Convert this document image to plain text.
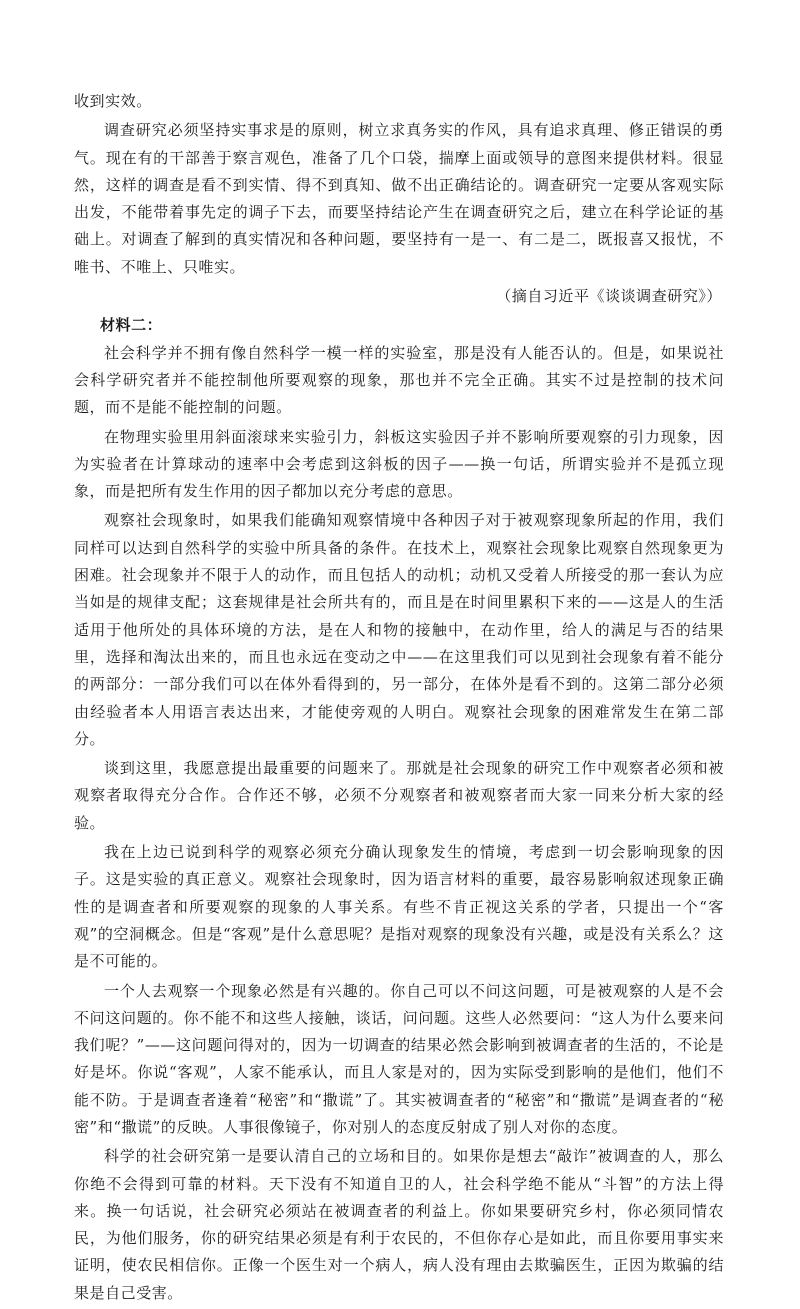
收到实效。

调查研究必须坚持实事求是的原则，树立求真务实的作风，具有追求真理、修正错误的勇气。现在有的干部善于察言观色，准备了几个口袋，揣摩上面或领导的意图来提供材料。很显然，这样的调查是看不到实情、得不到真知、做不出正确结论的。调查研究一定要从客观实际出发，不能带着事先定的调子下去，而要坚持结论产生在调查研究之后，建立在科学论证的基础上。对调查了解到的真实情况和各种问题，要坚持有一是一、有二是二，既报喜又报忧，不唯书、不唯上、只唯实。

（摘自习近平《谈谈调查研究》）

材料二：

社会科学并不拥有像自然科学一模一样的实验室，那是没有人能否认的。但是，如果说社会科学研究者并不能控制他所要观察的现象，那也并不完全正确。其实不过是控制的技术问题，而不是能不能控制的问题。

在物理实验里用斜面滚球来实验引力，斜板这实验因子并不影响所要观察的引力现象，因为实验者在计算球动的速率中会考虑到这斜板的因子——换一句话，所谓实验并不是孤立现象，而是把所有发生作用的因子都加以充分考虑的意思。

观察社会现象时，如果我们能确知观察情境中各种因子对于被观察现象所起的作用，我们同样可以达到自然科学的实验中所具备的条件。在技术上，观察社会现象比观察自然现象更为困难。社会现象并不限于人的动作，而且包括人的动机；动机又受着人所接受的那一套认为应当如是的规律支配；这套规律是社会所共有的，而且是在时间里累积下来的——这是人的生活适用于他所处的具体环境的方法，是在人和物的接触中，在动作里，给人的满足与否的结果里，选择和淘汰出来的，而且也永远在变动之中——在这里我们可以见到社会现象有着不能分的两部分：一部分我们可以在体外看得到的，另一部分，在体外是看不到的。这第二部分必须由经验者本人用语言表达出来，才能使旁观的人明白。观察社会现象的困难常发生在第二部分。

谈到这里，我愿意提出最重要的问题来了。那就是社会现象的研究工作中观察者必须和被观察者取得充分合作。合作还不够，必须不分观察者和被观察者而大家一同来分析大家的经验。

我在上边已说到科学的观察必须充分确认现象发生的情境，考虑到一切会影响现象的因子。这是实验的真正意义。观察社会现象时，因为语言材料的重要，最容易影响叙述现象正确性的是调查者和所要观察的现象的人事关系。有些不肯正视这关系的学者，只提出一个“客观”的空洞概念。但是“客观”是什么意思呢？是指对观察的现象没有兴趣，或是没有关系么？这是不可能的。

一个人去观察一个现象必然是有兴趣的。你自己可以不问这问题，可是被观察的人是不会不问这问题的。你不能不和这些人接触，谈话，问问题。这些人必然要问：“这人为什么要来问我们呢？”——这问题问得对的，因为一切调查的结果必然会影响到被调查者的生活的，不论是好是坏。你说“客观”，人家不能承认，而且人家是对的，因为实际受到影响的是他们，他们不能不防。于是调查者逢着“秘密”和“撒谎”了。其实被调查者的“秘密”和“撒谎”是调查者的“秘密”和“撒谎”的反映。人事很像镜子，你对别人的态度反射成了别人对你的态度。

科学的社会研究第一是要认清自己的立场和目的。如果你是想去“敲诈”被调查的人，那么你绝不会得到可靠的材料。天下没有不知道自卫的人，社会科学绝不能从“斗智”的方法上得来。换一句话说，社会研究必须站在被调查者的利益上。你如果要研究乡村，你必须同情农民，为他们服务，你的研究结果必须是有利于农民的，不但你存心是如此，而且你要用事实来证明，使农民相信你。正像一个医生对一个病人，病人没有理由去欺骗医生，正因为欺骗的结果是自己受害。
